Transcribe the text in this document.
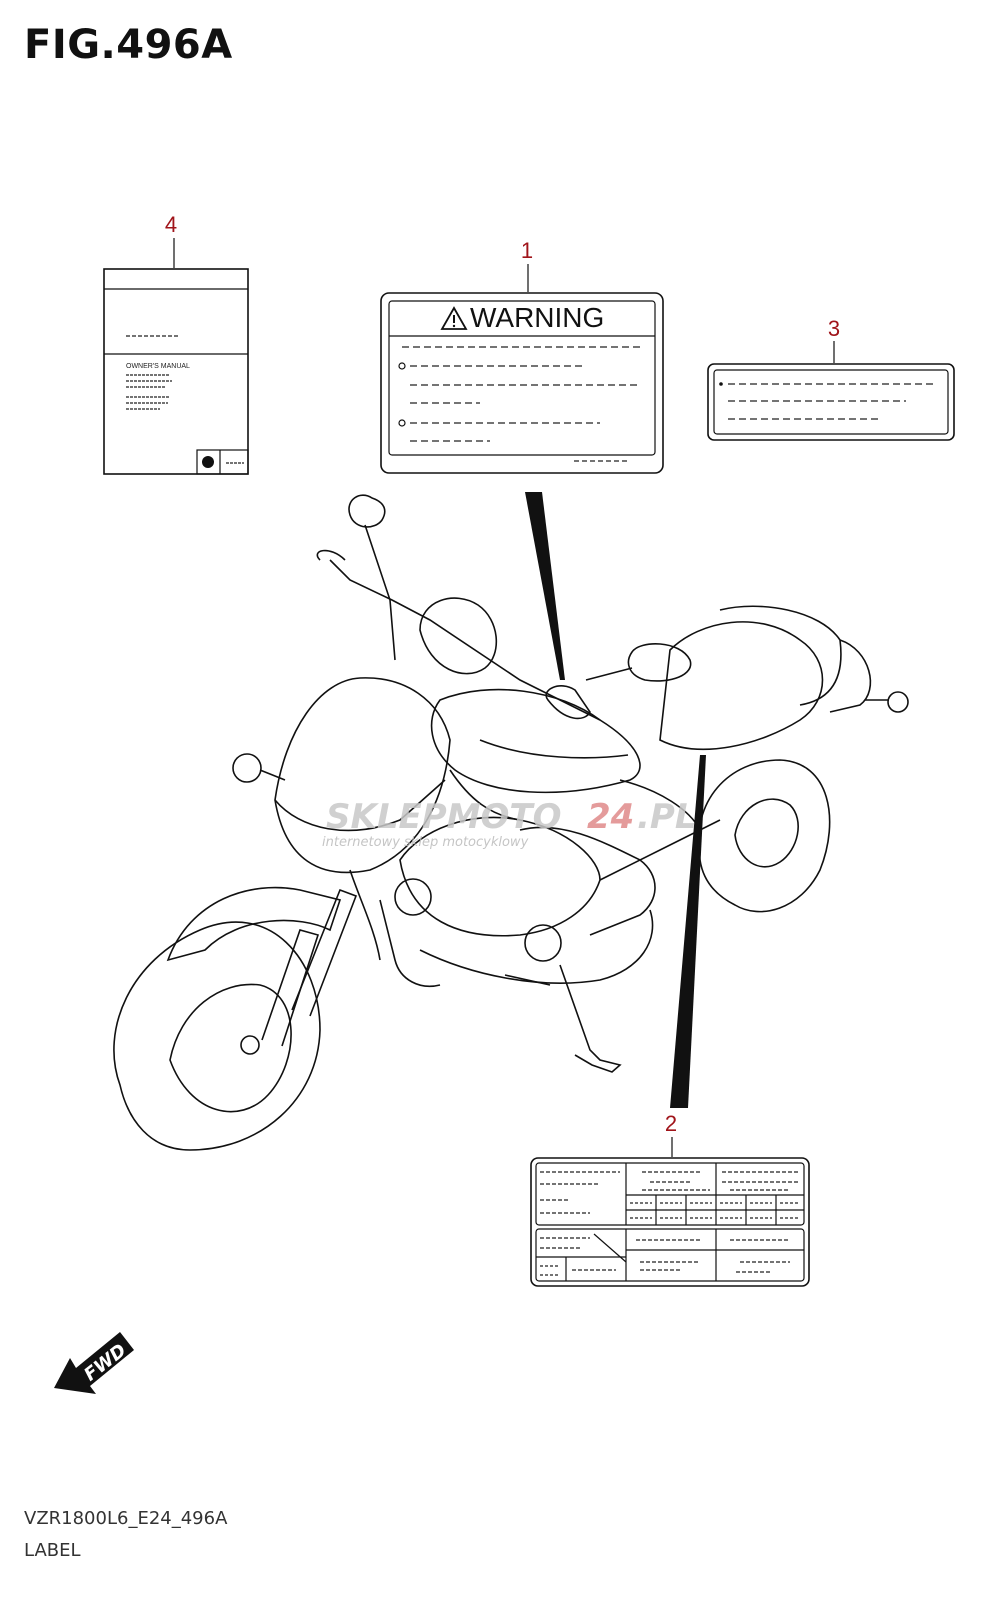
FIG.496A
4
OWNER'S MANUAL
1
WARNING	3
2
SKLEPMOTO 24 .PL
internetowy sklep motocyklowy
FWD
VZR1800L6_E24_496A
LABEL
